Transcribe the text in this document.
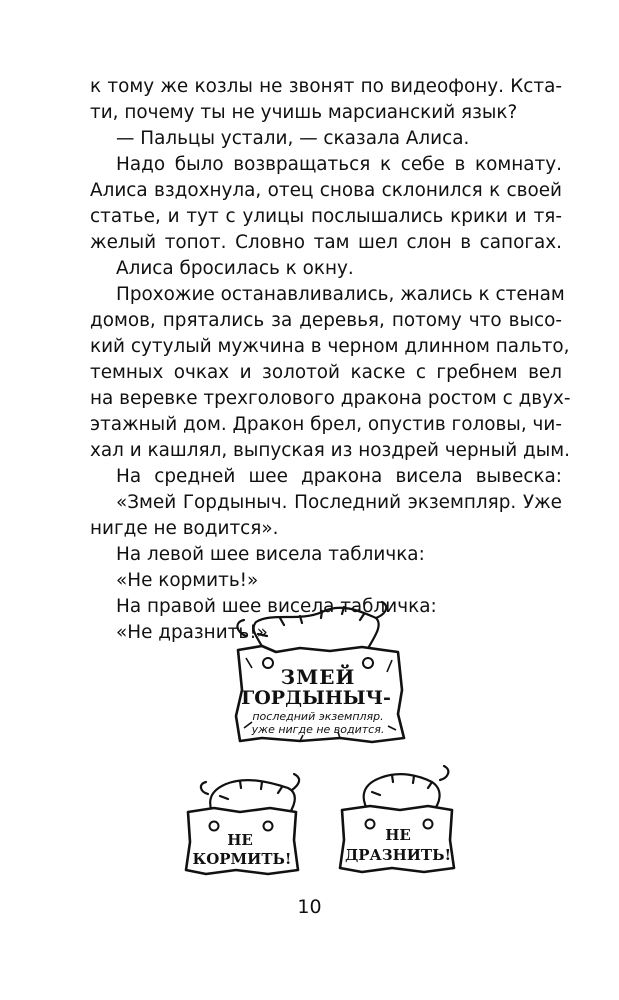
к тому же козлы не звонят по видеофону. Кста-
ти, почему ты не учишь марсианский язык?
— Пальцы устали, — сказала Алиса.
Надо было возвращаться к себе в комнату.
Алиса вздохнула, отец снова склонился к своей
статье, и тут с улицы послышались крики и тя-
желый топот. Словно там шел слон в сапогах.
Алиса бросилась к окну.
Прохожие останавливались, жались к стенам
домов, прятались за деревья, потому что высо-
кий сутулый мужчина в черном длинном пальто,
темных очках и золотой каске с гребнем вел
на веревке трехголового дракона ростом с двух-
этажный дом. Дракон брел, опустив головы, чи-
хал и кашлял, выпуская из ноздрей черный дым.
На средней шее дракона висела вывеска:
«Змей Гордыныч. Последний экземпляр. Уже
нигде не водится».
На левой шее висела табличка:
«Не кормить!»
На правой шее висела табличка:
«Не дразнить!»
ЗМЕЙ
ГОРДЫНЫЧ-
последний экземпляр.
уже нигде не водится.
НЕ
КОРМИТЬ!
НЕ
ДРАЗНИТЬ!
10
